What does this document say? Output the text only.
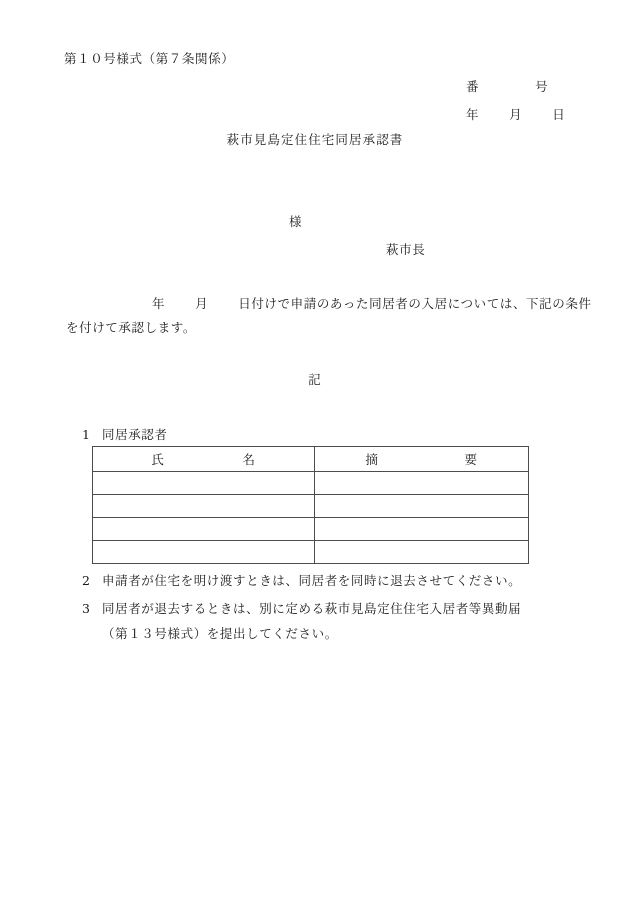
第１０号様式（第７条関係）
番	号
年 月 日
萩市見島定住住宅同居承認書
様
萩市長
年 月 日付けで申請のあった同居者の入居については、下記の条件
を付けて承認します。
記
1 同居承認者
氏 名	摘 要

2 申請者が住宅を明け渡すときは、同居者を同時に退去させてください。
3 同居者が退去するときは、別に定める萩市見島定住住宅入居者等異動届
（第１３号様式）を提出してください。
